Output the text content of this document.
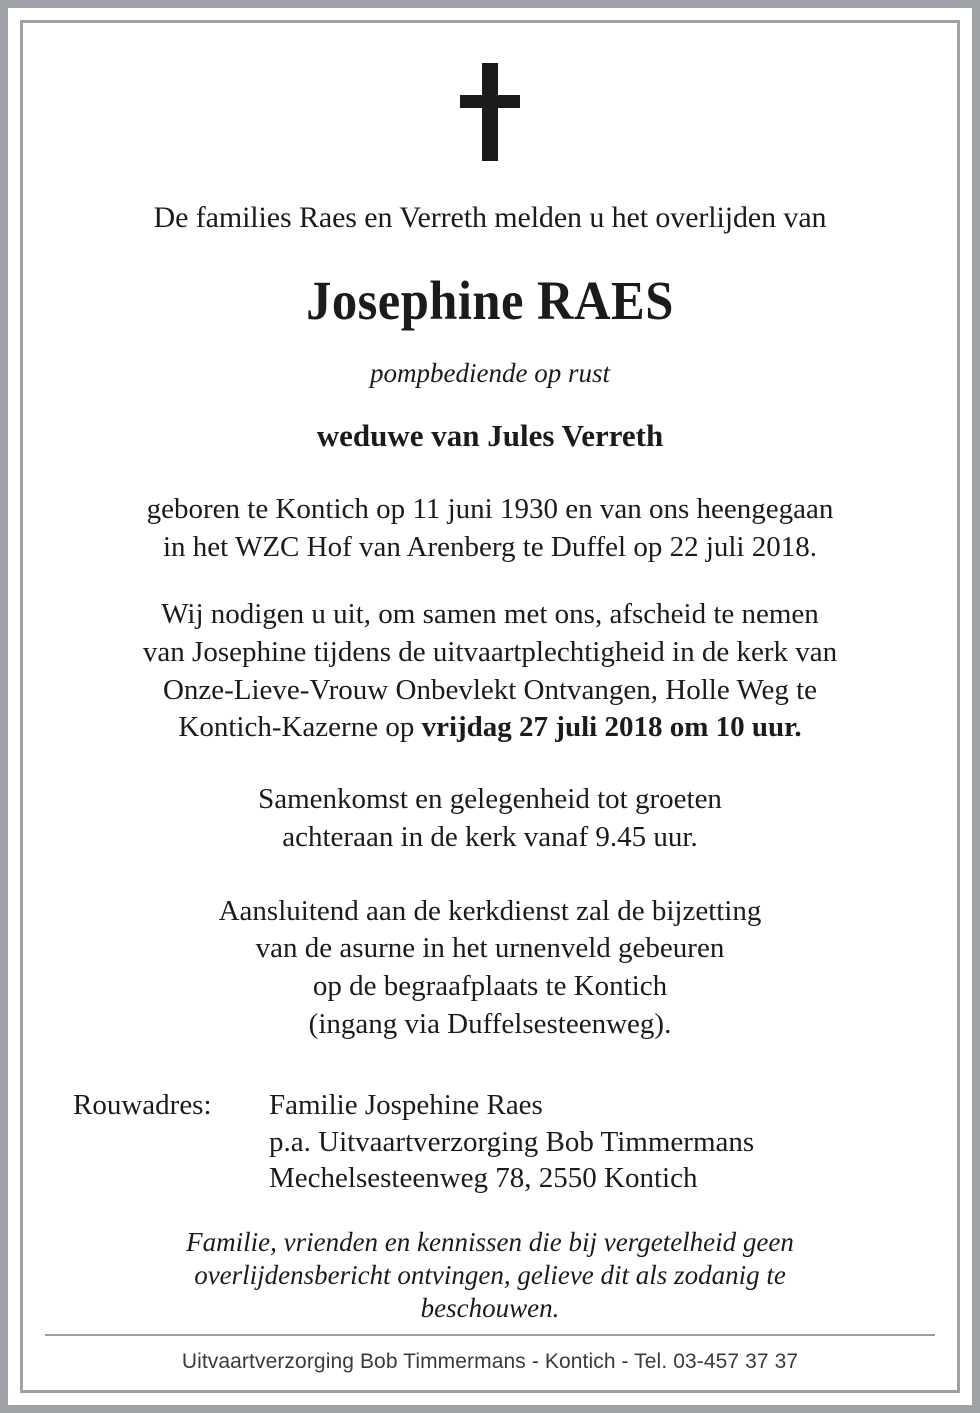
De families Raes en Verreth melden u het overlijden van
Josephine RAES
pompbediende op rust
weduwe van Jules Verreth
geboren te Kontich op 11 juni 1930 en van ons heengegaan
in het WZC Hof van Arenberg te Duffel op 22 juli 2018.
Wij nodigen u uit, om samen met ons, afscheid te nemen
van Josephine tijdens de uitvaartplechtigheid in de kerk van
Onze-Lieve-Vrouw Onbevlekt Ontvangen, Holle Weg te
Kontich-Kazerne op vrijdag 27 juli 2018 om 10 uur.
Samenkomst en gelegenheid tot groeten
achteraan in de kerk vanaf 9.45 uur.
Aansluitend aan de kerkdienst zal de bijzetting
van de asurne in het urnenveld gebeuren
op de begraafplaats te Kontich
(ingang via Duffelsesteenweg).
Rouwadres:	Familie Jospehine Raes
p.a. Uitvaartverzorging Bob Timmermans
Mechelsesteenweg 78, 2550 Kontich
Familie, vrienden en kennissen die bij vergetelheid geen
overlijdensbericht ontvingen, gelieve dit als zodanig te
beschouwen.
Uitvaartverzorging Bob Timmermans - Kontich - Tel. 03-457 37 37
